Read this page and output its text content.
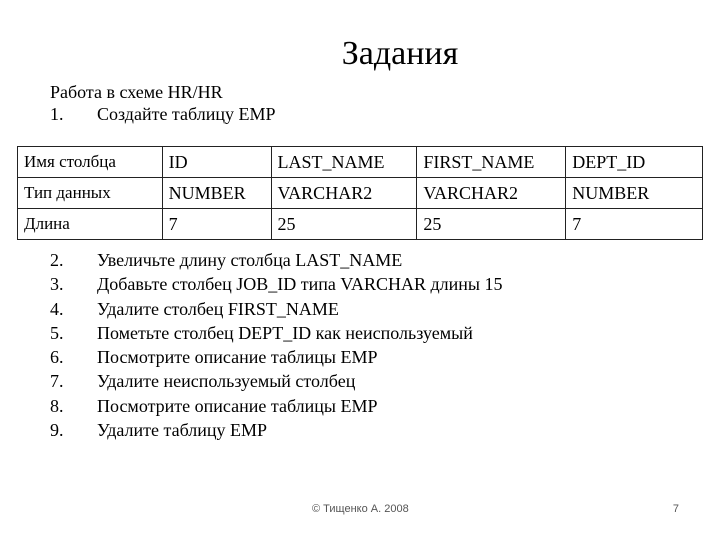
Задания
Работа в схеме HR/HR
1.	Создайте таблицу EMP
Имя столбца	ID	LAST_NAME	FIRST_NAME	DEPT_ID
Тип данных	NUMBER	VARCHAR2	VARCHAR2	NUMBER
Длина	7	25	25	7
2.	Увеличьте длину столбца LAST_NAME
3.	Добавьте столбец JOB_ID типа VARCHAR длины 15
4.	Удалите столбец FIRST_NAME
5.	Пометьте столбец DEPT_ID как неиспользуемый
6.	Посмотрите описание таблицы EMP
7.	Удалите неиспользуемый столбец
8.	Посмотрите описание таблицы EMP
9.	Удалите таблицу EMP
© Тищенко А. 2008	7
